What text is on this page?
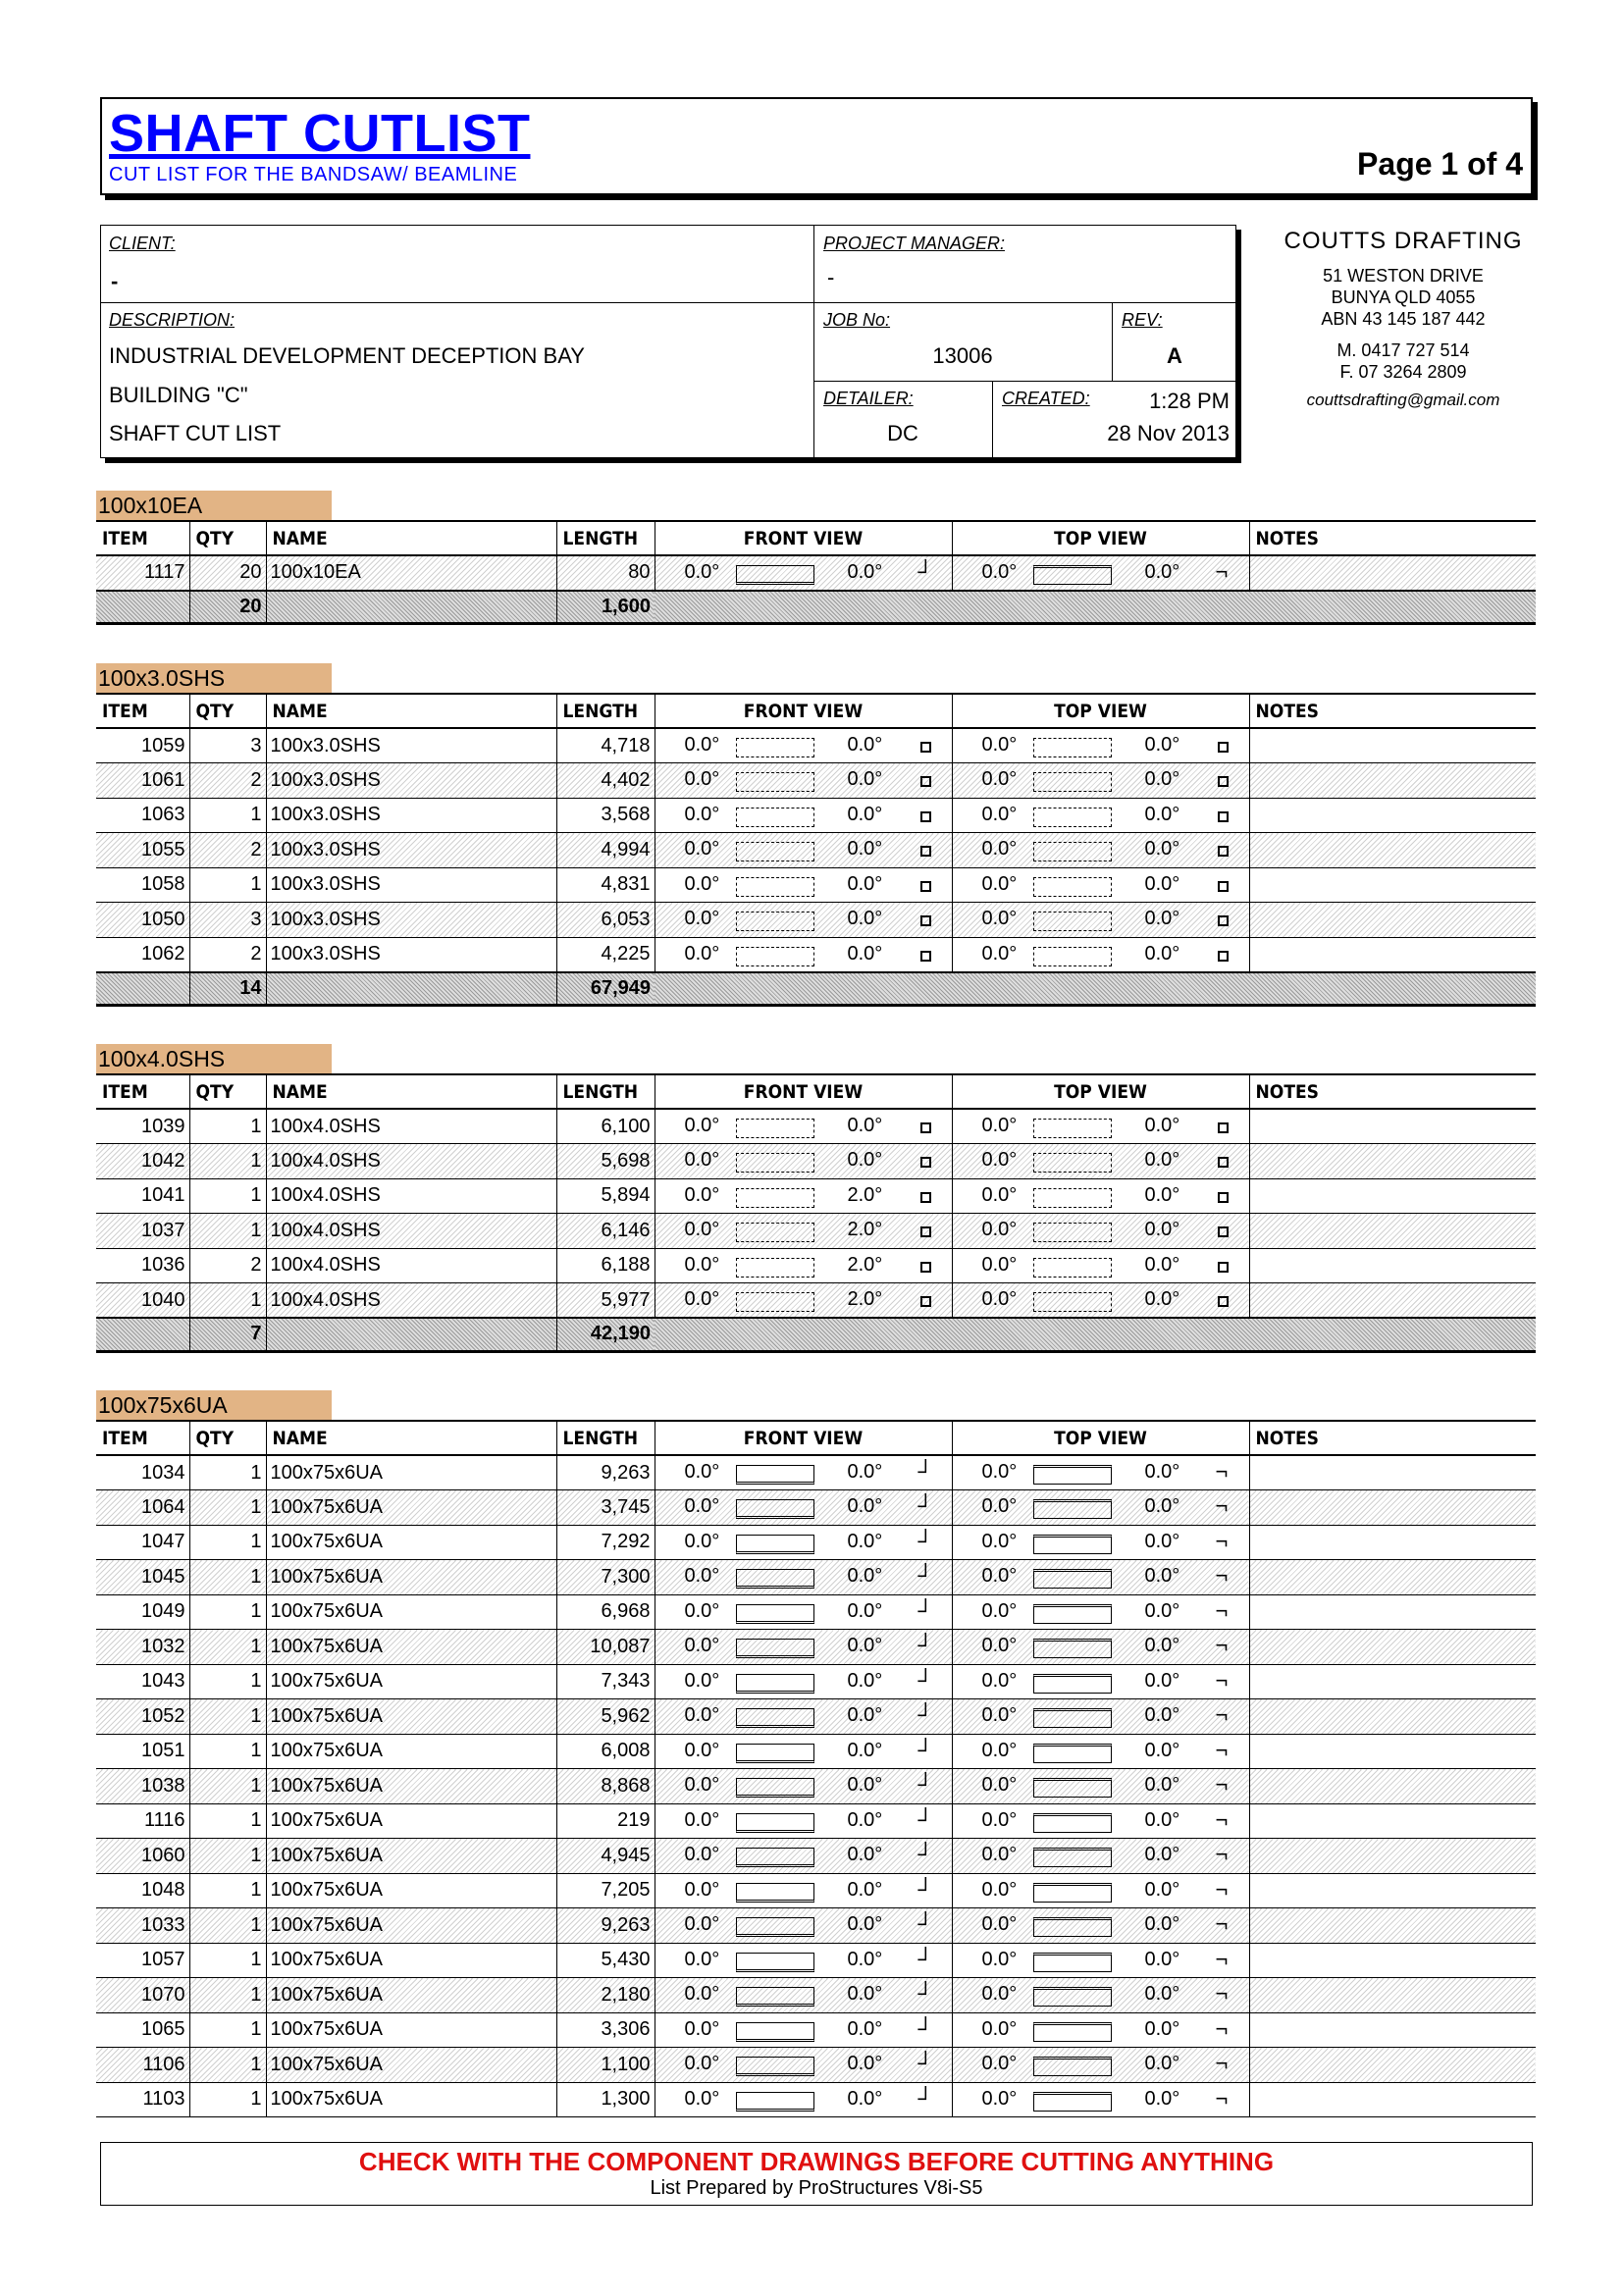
SHAFT CUTLIST
CUT LIST FOR THE BANDSAW/ BEAMLINE	Page 1 of 4
CLIENT:
-
PROJECT MANAGER:
-
DESCRIPTION:
INDUSTRIAL DEVELOPMENT DECEPTION BAY
BUILDING "C"
SHAFT CUT LIST
JOB No:
13006
REV:
A
DETAILER:
DC
CREATED:	1:28 PM
28 Nov 2013
COUTTS DRAFTING
51 WESTON DRIVE
BUNYA QLD 4055
ABN 43 145 187 442
M. 0417 727 514
F. 07 3264 2809
couttsdrafting@gmail.com
100x10EA
ITEM	QTY	NAME	LENGTH	FRONT VIEW	TOP VIEW	NOTES
1117	20	100x10EA	80	0.0° 0.0° ┘	0.0° 0.0° ¬	

	20		1,600			
100x3.0SHS
ITEM	QTY	NAME	LENGTH	FRONT VIEW	TOP VIEW	NOTES
1059	3	100x3.0SHS	4,718	0.0° 0.0°	0.0° 0.0°	

1061	2	100x3.0SHS	4,402	0.0° 0.0°	0.0° 0.0°	

1063	1	100x3.0SHS	3,568	0.0° 0.0°	0.0° 0.0°	

1055	2	100x3.0SHS	4,994	0.0° 0.0°	0.0° 0.0°	

1058	1	100x3.0SHS	4,831	0.0° 0.0°	0.0° 0.0°	

1050	3	100x3.0SHS	6,053	0.0° 0.0°	0.0° 0.0°	

1062	2	100x3.0SHS	4,225	0.0° 0.0°	0.0° 0.0°	

	14		67,949			
100x4.0SHS
ITEM	QTY	NAME	LENGTH	FRONT VIEW	TOP VIEW	NOTES
1039	1	100x4.0SHS	6,100	0.0° 0.0°	0.0° 0.0°	

1042	1	100x4.0SHS	5,698	0.0° 0.0°	0.0° 0.0°	

1041	1	100x4.0SHS	5,894	0.0° 2.0°	0.0° 0.0°	

1037	1	100x4.0SHS	6,146	0.0° 2.0°	0.0° 0.0°	

1036	2	100x4.0SHS	6,188	0.0° 2.0°	0.0° 0.0°	

1040	1	100x4.0SHS	5,977	0.0° 2.0°	0.0° 0.0°	

	7		42,190			
100x75x6UA
ITEM	QTY	NAME	LENGTH	FRONT VIEW	TOP VIEW	NOTES
1034	1	100x75x6UA	9,263	0.0° 0.0° ┘	0.0° 0.0° ¬	

1064	1	100x75x6UA	3,745	0.0° 0.0° ┘	0.0° 0.0° ¬	

1047	1	100x75x6UA	7,292	0.0° 0.0° ┘	0.0° 0.0° ¬	

1045	1	100x75x6UA	7,300	0.0° 0.0° ┘	0.0° 0.0° ¬	

1049	1	100x75x6UA	6,968	0.0° 0.0° ┘	0.0° 0.0° ¬	

1032	1	100x75x6UA	10,087	0.0° 0.0° ┘	0.0° 0.0° ¬	

1043	1	100x75x6UA	7,343	0.0° 0.0° ┘	0.0° 0.0° ¬	

1052	1	100x75x6UA	5,962	0.0° 0.0° ┘	0.0° 0.0° ¬	

1051	1	100x75x6UA	6,008	0.0° 0.0° ┘	0.0° 0.0° ¬	

1038	1	100x75x6UA	8,868	0.0° 0.0° ┘	0.0° 0.0° ¬	

1116	1	100x75x6UA	219	0.0° 0.0° ┘	0.0° 0.0° ¬	

1060	1	100x75x6UA	4,945	0.0° 0.0° ┘	0.0° 0.0° ¬	

1048	1	100x75x6UA	7,205	0.0° 0.0° ┘	0.0° 0.0° ¬	

1033	1	100x75x6UA	9,263	0.0° 0.0° ┘	0.0° 0.0° ¬	

1057	1	100x75x6UA	5,430	0.0° 0.0° ┘	0.0° 0.0° ¬	

1070	1	100x75x6UA	2,180	0.0° 0.0° ┘	0.0° 0.0° ¬	

1065	1	100x75x6UA	3,306	0.0° 0.0° ┘	0.0° 0.0° ¬	

1106	1	100x75x6UA	1,100	0.0° 0.0° ┘	0.0° 0.0° ¬	

1103	1	100x75x6UA	1,300	0.0° 0.0° ┘	0.0° 0.0° ¬	

CHECK WITH THE COMPONENT DRAWINGS BEFORE CUTTING ANYTHING
List Prepared by ProStructures V8i-S5
